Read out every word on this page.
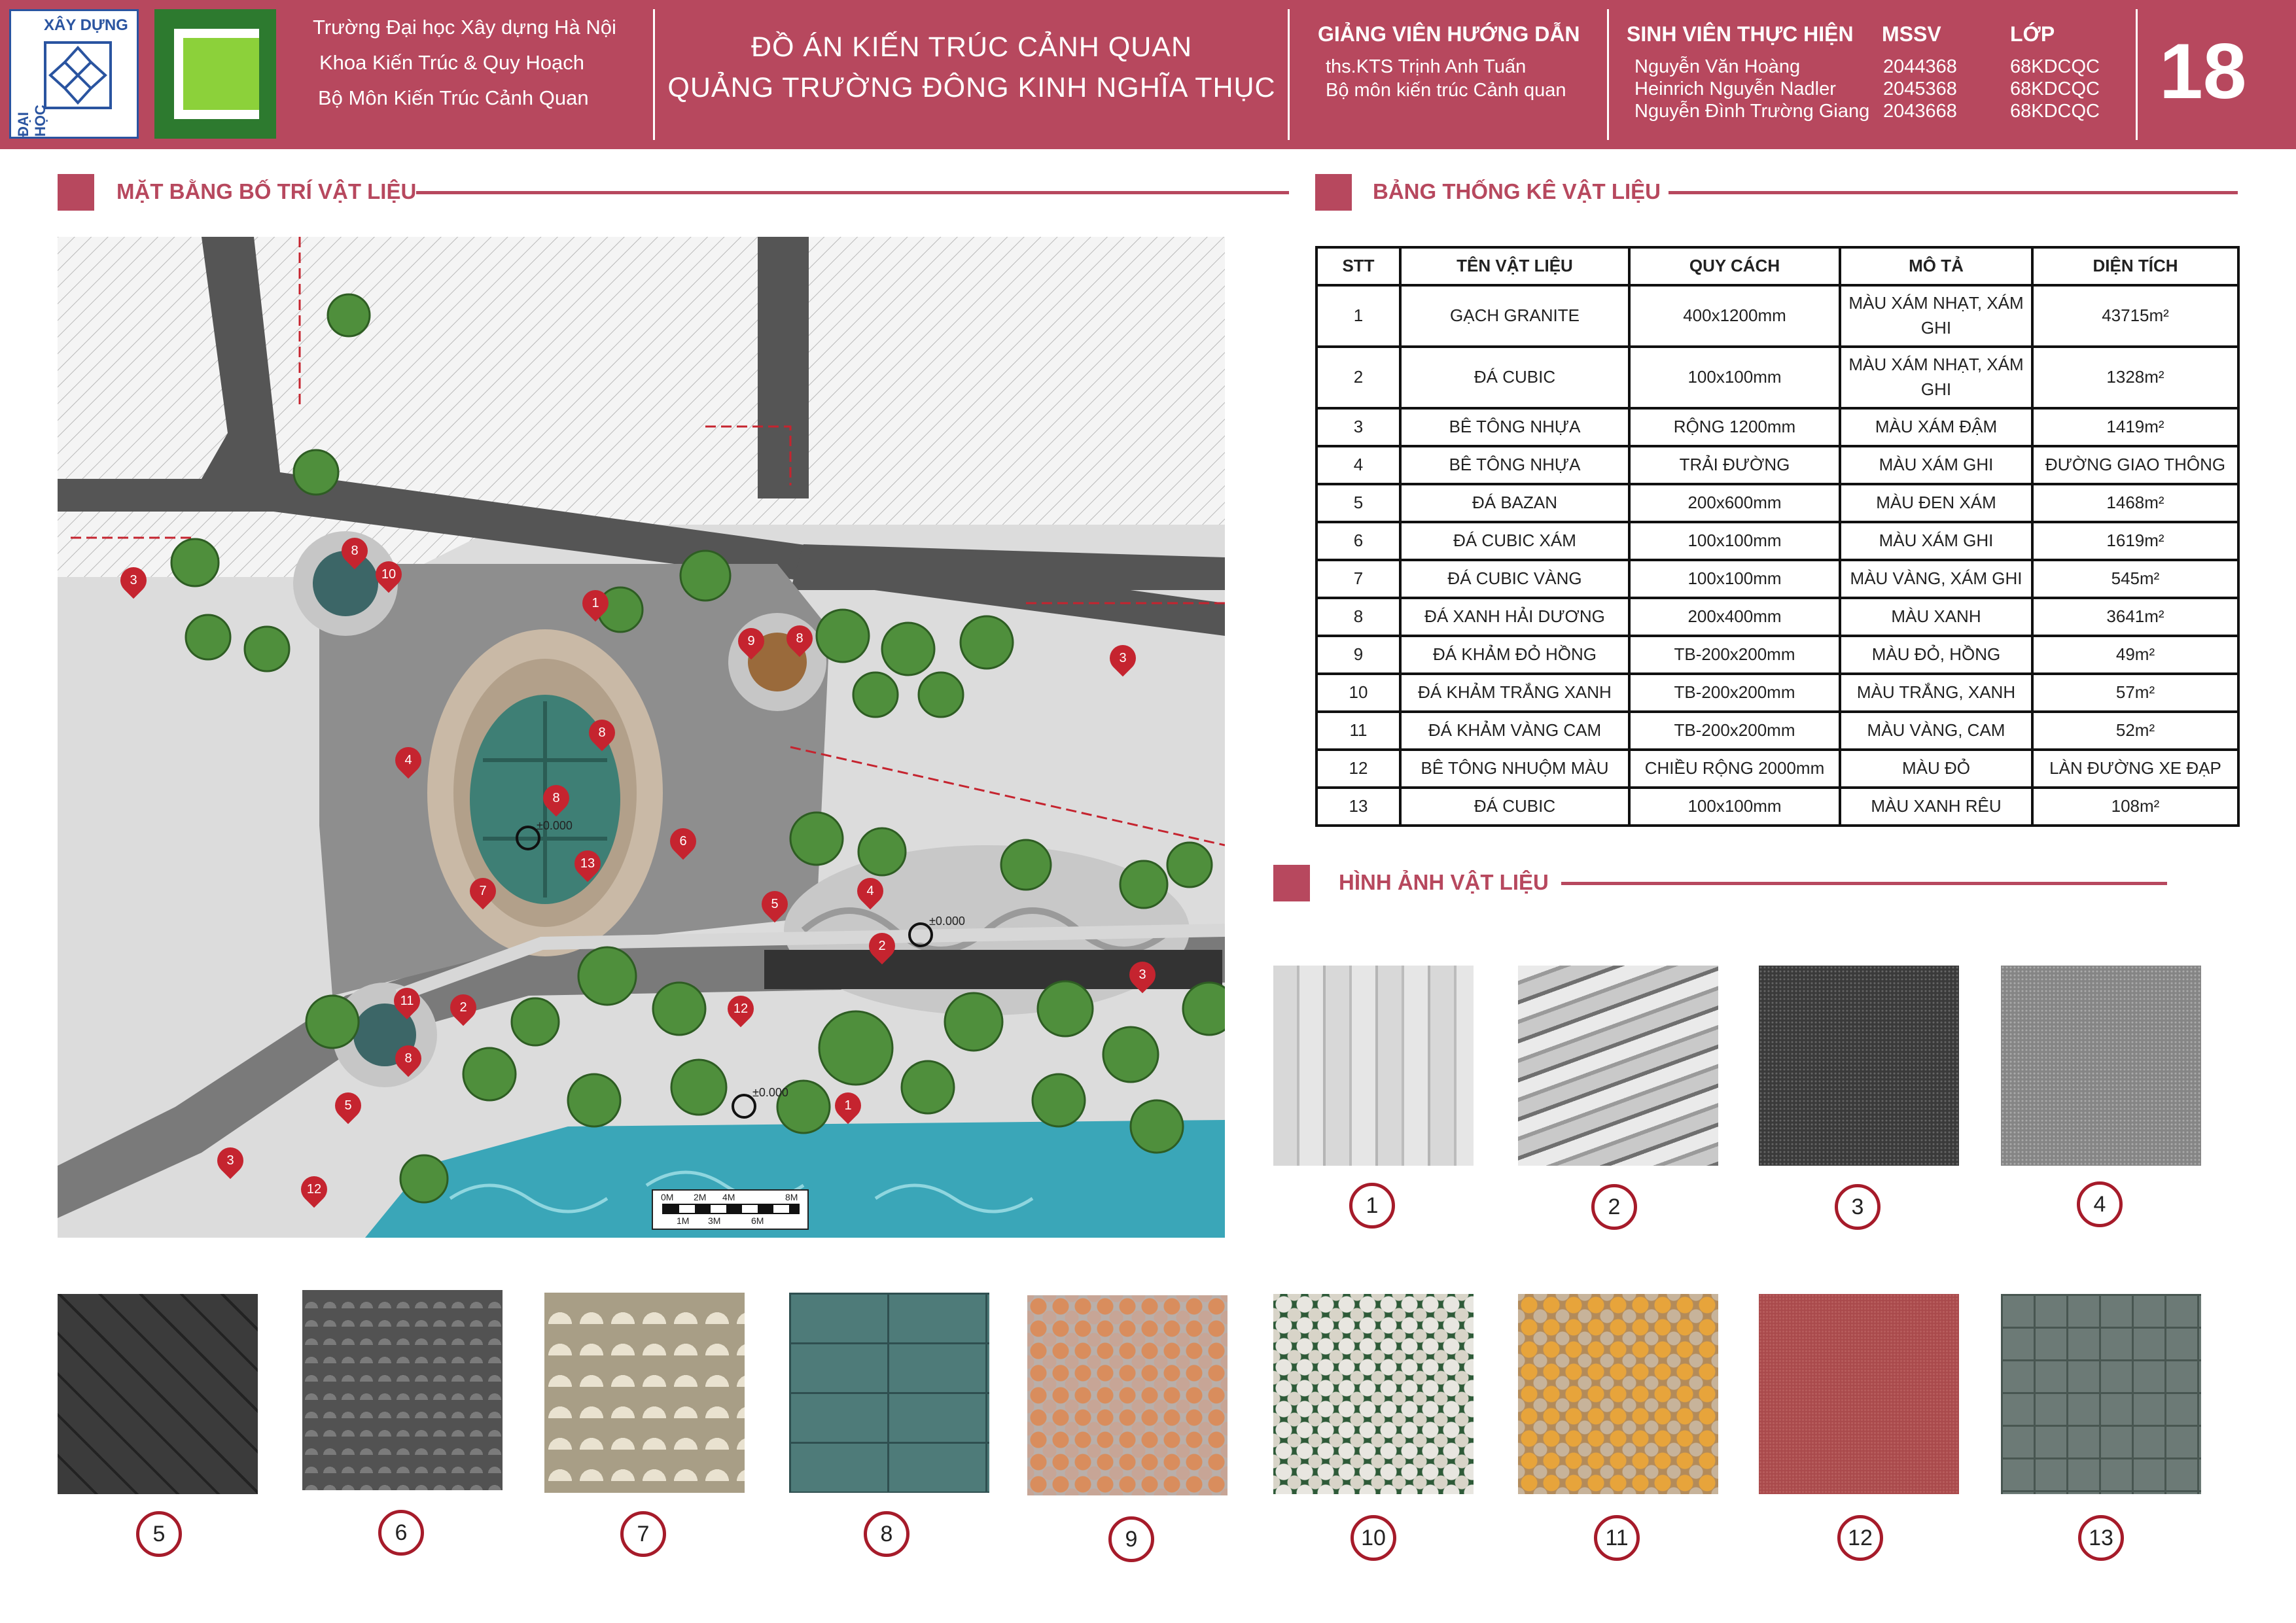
XÂY DỰNG
ĐẠI HỌC
Trường Đại học Xây dựng Hà Nội
Khoa Kiến Trúc & Quy Hoạch
Bộ Môn Kiến Trúc Cảnh Quan
ĐỒ ÁN KIẾN TRÚC CẢNH QUAN
QUẢNG TRƯỜNG ĐÔNG KINH NGHĨA THỤC
GIẢNG VIÊN HƯỚNG DẪN
ths.KTS Trịnh Anh Tuấn
Bộ môn kiến trúc Cảnh quan
SINH VIÊN THỰC HIỆN MSSV	LỚP
Nguyễn Văn Hoàng	2044368	68KDCQC
Heinrich Nguyễn Nadler 2045368	68KDCQC
Nguyễn Đình Trường Giang 2043668	68KDCQC 18
MẶT BẰNG BỐ TRÍ VẬT LIỆU	BẢNG THỐNG KÊ VẬT LIỆU
HÌNH ẢNH VẬT LIỆU
3
8
10
1
9	8
3
4
8
8
6
13
7
5
4
2
3
11	2
8
12
5	1
3
12
±0.000
±0.000
±0.000
0M 2M 4M	8M
1M 3M	6M
STT	TÊN VẬT LIỆU	QUY CÁCH	MÔ TẢ	DIỆN TÍCH
1	GẠCH GRANITE	400x1200mm	MÀU XÁM NHẠT, XÁM GHI	43715m²
2	ĐÁ CUBIC	100x100mm	MÀU XÁM NHẠT, XÁM GHI	1328m²
3	BÊ TÔNG NHỰA	RỘNG 1200mm	MÀU XÁM ĐẬM	1419m²
4	BÊ TÔNG NHỰA	TRẢI ĐƯỜNG	MÀU XÁM GHI	ĐƯỜNG GIAO THÔNG
5	ĐÁ BAZAN	200x600mm	MÀU ĐEN XÁM	1468m²
6	ĐÁ CUBIC XÁM	100x100mm	MÀU XÁM GHI	1619m²
7	ĐÁ CUBIC VÀNG	100x100mm	MÀU VÀNG, XÁM GHI	545m²
8	ĐÁ XANH HẢI DƯƠNG	200x400mm	MÀU XANH	3641m²
9	ĐÁ KHẢM ĐỎ HỒNG	TB-200x200mm	MÀU ĐỎ, HỒNG	49m²
10	ĐÁ KHẢM TRẮNG XANH	TB-200x200mm	MÀU TRẮNG, XANH	57m²
11	ĐÁ KHẢM VÀNG CAM	TB-200x200mm	MÀU VÀNG, CAM	52m²
12	BÊ TÔNG NHUỘM MÀU	CHIỀU RỘNG 2000mm	MÀU ĐỎ	LÀN ĐƯỜNG XE ĐẠP
13	ĐÁ CUBIC	100x100mm	MÀU XANH RÊU	108m²
1	2	3	4
5	6	7	8	9	10	11	12	13
